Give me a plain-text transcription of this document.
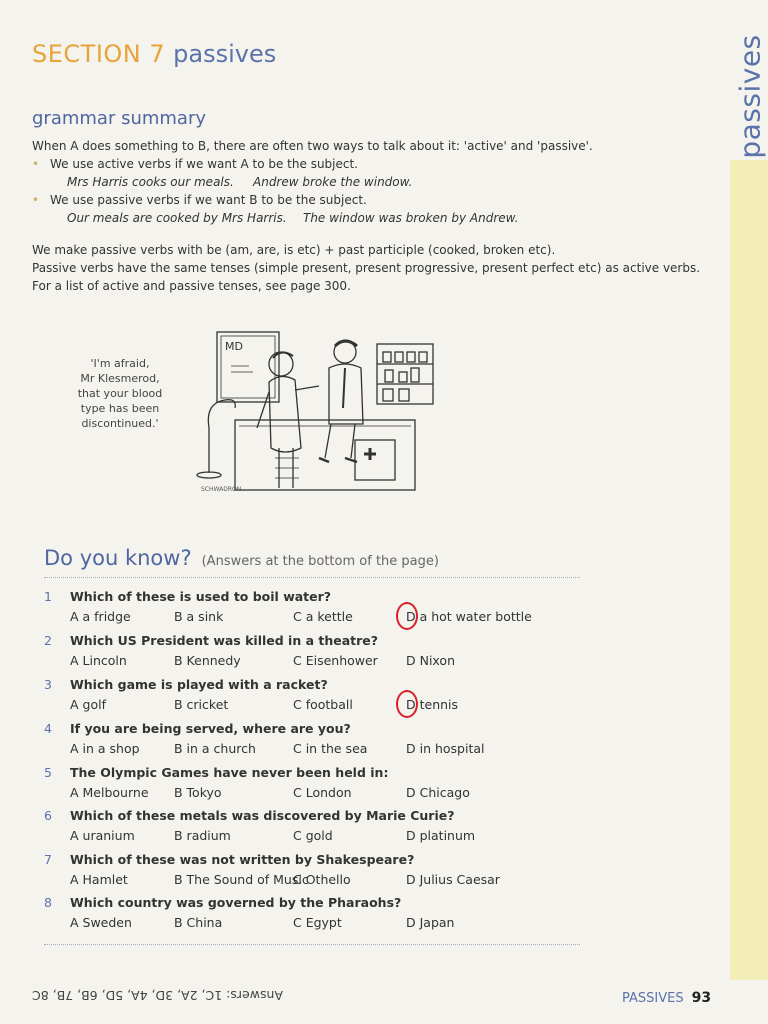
passives
SECTION 7 passives
grammar summary

When A does something to B, there are often two ways to talk about it: 'active' and 'passive'.

• We use active verbs if we want A to be the subject.

Mrs Harris cooks our meals. Andrew broke the window.

• We use passive verbs if we want B to be the subject.

Our meals are cooked by Mrs Harris. The window was broken by Andrew.

We make passive verbs with be (am, are, is etc) + past participle (cooked, broken etc).

Passive verbs have the same tenses (simple present, present progressive, present perfect etc) as active verbs.

For a list of active and passive tenses, see page 300.

'I'm afraid,
Mr Klesmerod,
that your blood
type has been
discontinued.'
MD
SCHWADRON
Do you know? (Answers at the bottom of the page)
1 Which of these is used to boil water?
A a fridge	B a sink	C a kettle	D a hot water bottle
2 Which US President was killed in a theatre?
A Lincoln	B Kennedy	C Eisenhower D Nixon
3 Which game is played with a racket?
A golf	B cricket	C football	D tennis
4 If you are being served, where are you?
A in a shop	B in a church	C in the sea	D in hospital
5 The Olympic Games have never been held in:
A Melbourne B Tokyo	C London	D Chicago
6 Which of these metals was discovered by Marie Curie?
A uranium	B radium	C gold	D platinum
7 Which of these was not written by Shakespeare?
A Hamlet	B The Sound of Music
C Othello	D Julius Caesar
8 Which country was governed by the Pharaohs?
A Sweden	B China	C Egypt	D Japan
Answers: 1C, 2A, 3D, 4A, 5D, 6B, 7B, 8C	PASSIVES 93
